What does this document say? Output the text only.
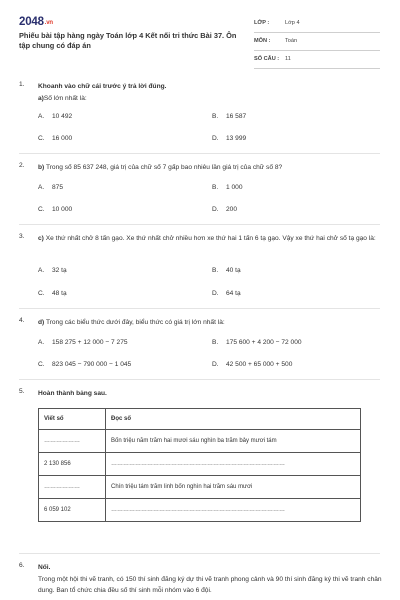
2048.vn
Phiếu bài tập hàng ngày Toán lớp 4 Kết nối tri thức Bài 37. Ôn tập chung có đáp án
LỚP :	Lớp 4
MÔN :	Toán
SỐ CÂU : 11
1. Khoanh vào chữ cái trước ý trả lời đúng.
a)Số lớn nhất là:
A. 10 492	B. 16 587
C. 16 000	D. 13 999
2. b) Trong số 85 637 248, giá trị của chữ số 7 gấp bao nhiêu lần giá trị của chữ số 8?
A. 875	B. 1 000
C. 10 000	D. 200
3. c) Xe thứ nhất chở 8 tấn gạo. Xe thứ nhất chở nhiều hơn xe thứ hai 1 tấn 6 tạ gạo. Vậy xe thứ hai chở số tạ gạo là:
A. 32 tạ	B. 40 tạ
C. 48 tạ	D. 64 tạ
4. d) Trong các biểu thức dưới đây, biểu thức có giá trị lớn nhất là:
A. 158 275 + 12 000 − 7 275	B. 175 600 + 4 200 − 72 000
C. 823 045 − 790 000 − 1 045	D. 42 500 + 65 000 + 500
5. Hoàn thành bảng sau.
Viết số	Đọc số
………………	Bốn triệu năm trăm hai mươi sáu nghìn ba trăm bảy mươi tám
2 130 856	……………………………………………………………………………
………………	Chín triệu tám trăm linh bốn nghìn hai trăm sáu mươi
6 059 102	……………………………………………………………………………
6. Nối.
Trong một hội thi vẽ tranh, có 150 thí sinh đăng ký dự thi vẽ tranh phong cảnh và 90 thí sinh đăng ký thi vẽ tranh chân dung. Ban tổ chức chia đều số thí sinh mỗi nhóm vào 6 đội.
